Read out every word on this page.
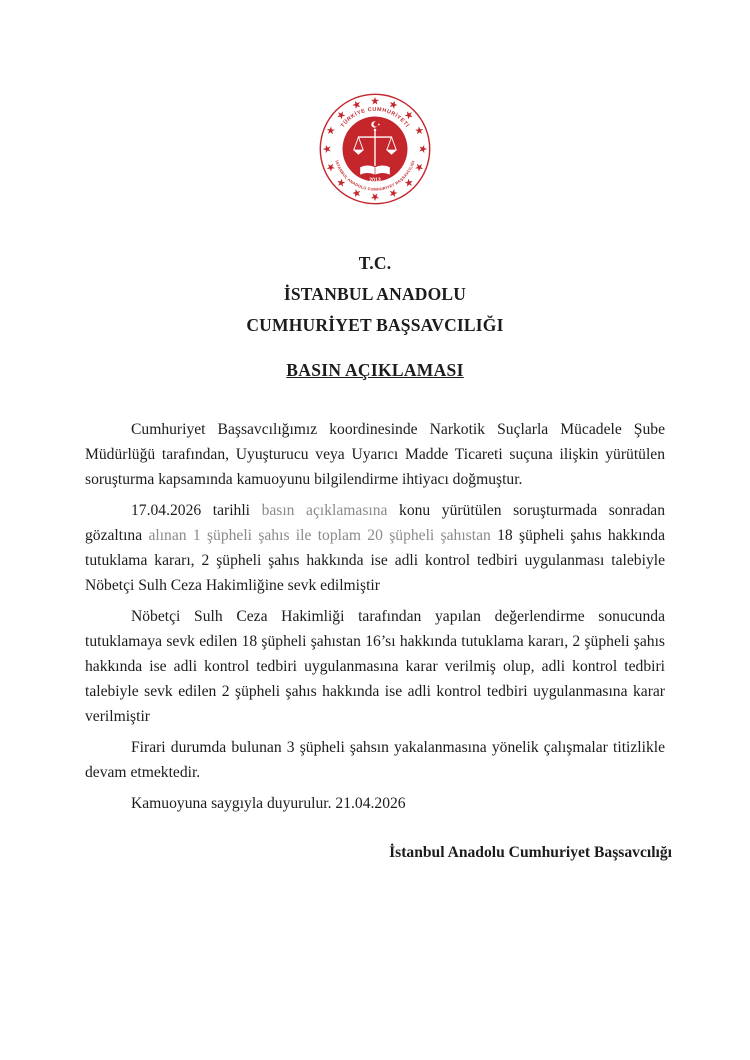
TÜRKİYE CUMHURİYETİ
İSTANBUL ANADOLU CUMHURİYET BAŞSAVCILIĞI
2013
T.C.
İSTANBUL ANADOLU
CUMHURİYET BAŞSAVCILIĞI
BASIN AÇIKLAMASI

Cumhuriyet Başsavcılığımız koordinesinde Narkotik Suçlarla Mücadele Şube Müdürlüğü tarafından, Uyuşturucu veya Uyarıcı Madde Ticareti suçuna ilişkin yürütülen soruşturma kapsamında kamuoyunu bilgilendirme ihtiyacı doğmuştur.

17.04.2026 tarihli basın açıklamasına konu yürütülen soruşturmada sonradan gözaltına alınan 1 şüpheli şahıs ile toplam 20 şüpheli şahıstan 18 şüpheli şahıs hakkında tutuklama kararı, 2 şüpheli şahıs hakkında ise adli kontrol tedbiri uygulanması talebiyle Nöbetçi Sulh Ceza Hakimliğine sevk edilmiştir

Nöbetçi Sulh Ceza Hakimliği tarafından yapılan değerlendirme sonucunda tutuklamaya sevk edilen 18 şüpheli şahıstan 16’sı hakkında tutuklama kararı, 2 şüpheli şahıs hakkında ise adli kontrol tedbiri uygulanmasına karar verilmiş olup, adli kontrol tedbiri talebiyle sevk edilen 2 şüpheli şahıs hakkında ise adli kontrol tedbiri uygulanmasına karar verilmiştir

Firari durumda bulunan 3 şüpheli şahsın yakalanmasına yönelik çalışmalar titizlikle devam etmektedir.

Kamuoyuna saygıyla duyurulur. 21.04.2026

İstanbul Anadolu Cumhuriyet Başsavcılığı
